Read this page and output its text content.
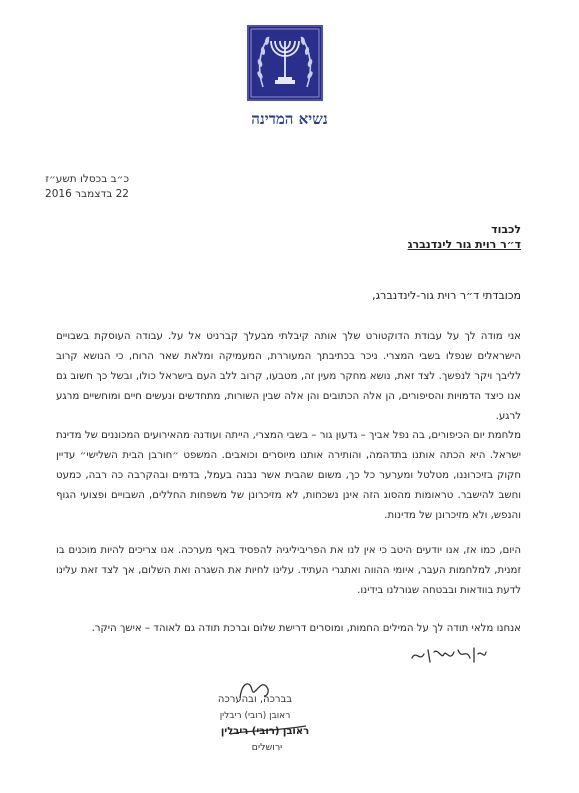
נשיא המדינה
כ״ב בכסלו תשע״ז
22 בדצמבר 2016
לכבוד
ד״ר רוית גור לינדנברג
מכובדתי ד״ר רוית גור-לינדנברג,
אני מודה לך על עבודת הדוקטורט שלך אותה קיבלתי מבעלך קברניט אל על. עבודה העוסקת בשבויים הישראלים שנפלו בשבי המצרי. ניכר בכתיבתך המעוררת, המעמיקה ומלאת שאר הרוח, כי הנושא קרוב לליבך ויקר לנפשך. לצד זאת, נושא מחקר מעין זה, מטבעו, קרוב ללב העם בישראל כולו, ובשל כך חשוב גם אנו כיצד הדמויות והסיפורים, הן אלה הכתובים והן אלה שבין השורות, מתחדשים ונעשים חיים ומוחשיים מרגע לרגע.
מלחמת יום הכיפורים, בה נפל אביך – גדעון גור – בשבי המצרי, הייתה ועודנה מהאירועים המכוננים של מדינת ישראל. היא הכתה אותנו בתדהמה, והותירה אותנו מיוסרים וכואבים. המשפט ״חורבן הבית השלישי״ עדיין חקוק בזיכרוננו, מטלטל ומערער כל כך, משום שהבית אשר נבנה בעמל, בדמים ובהקרבה כה רבה, כמעט וחשב להישבר. טראומות מהסוג הזה אינן נשכחות, לא מזיכרונן של משפחות החללים, השבויים ופצועי הגוף והנפש, ולא מזיכרונן של מדינות.
היום, כמו אז, אנו יודעים היטב כי אין לנו את הפריביליגיה להפסיד באף מערכה. אנו צריכים להיות מוכנים בו זמנית, למלחמות העבר, איומי ההווה ואתגרי העתיד. עלינו לחיות את השגרה ואת השלום, אך לצד זאת עלינו לדעת בוודאות ובבטחה שגורלנו בידינו.
אנחנו מלאי תודה לך על המילים החמות, ומוסרים דרישת שלום וברכת תודה גם לאוהד – אישך היקר.
בברכה, ובהערכה
ראובן (רובי) ריבלין
ראובן (רובי) ריבלין
ירושלים
